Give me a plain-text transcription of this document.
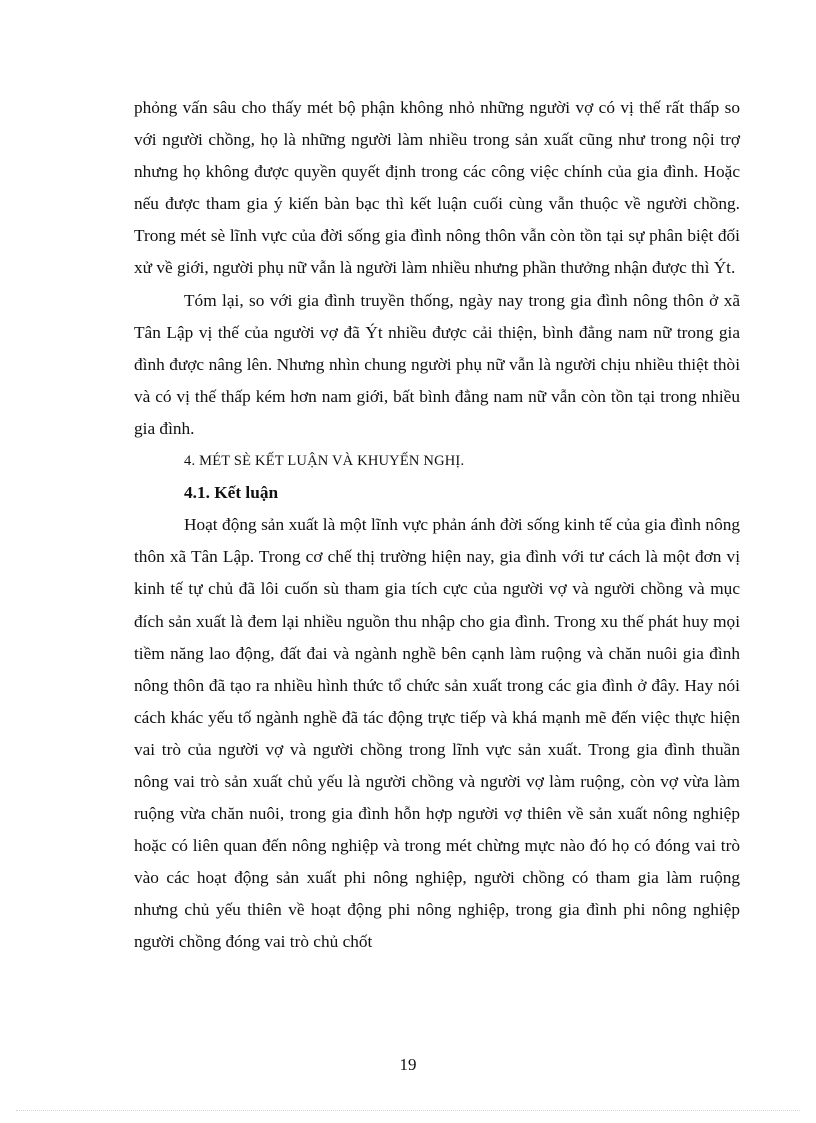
phỏng vấn sâu cho thấy mét bộ phận không nhỏ những người vợ có vị thế rất thấp so với người chồng, họ là những người làm nhiều trong sản xuất cũng như trong nội trợ nhưng họ không được quyền quyết định trong các công việc chính của gia đình. Hoặc nếu được tham gia ý kiến bàn bạc thì kết luận cuối cùng vẫn thuộc về người chồng. Trong mét sè lĩnh vực của đời sống gia đình nông thôn vẫn còn tồn tại sự phân biệt đối xử về giới, người phụ nữ vẫn là người làm nhiều nhưng phần thưởng nhận được thì Ýt.

Tóm lại, so với gia đình truyền thống, ngày nay trong gia đình nông thôn ở xã Tân Lập vị thế của người vợ đã Ýt nhiều được cải thiện, bình đẳng nam nữ trong gia đình được nâng lên. Nhưng nhìn chung người phụ nữ vẫn là người chịu nhiều thiệt thòi và có vị thế thấp kém hơn nam giới, bất bình đẳng nam nữ vẫn còn tồn tại trong nhiều gia đình.

4. MÉT SÈ KẾT LUẬN VÀ KHUYẾN NGHỊ.
4.1. Kết luận

Hoạt động sản xuất là một lĩnh vực phản ánh đời sống kinh tế của gia đình nông thôn xã Tân Lập. Trong cơ chế thị trường hiện nay, gia đình với tư cách là một đơn vị kinh tế tự chủ đã lôi cuốn sù tham gia tích cực của người vợ và người chồng và mục đích sản xuất là đem lại nhiều nguồn thu nhập cho gia đình. Trong xu thế phát huy mọi tiềm năng lao động, đất đai và ngành nghề bên cạnh làm ruộng và chăn nuôi gia đình nông thôn đã tạo ra nhiều hình thức tổ chức sản xuất trong các gia đình ở đây. Hay nói cách khác yếu tố ngành nghề đã tác động trực tiếp và khá mạnh mẽ đến việc thực hiện vai trò của người vợ và người chồng trong lĩnh vực sản xuất. Trong gia đình thuần nông vai trò sản xuất chủ yếu là người chồng và người vợ làm ruộng, còn vợ vừa làm ruộng vừa chăn nuôi, trong gia đình hỗn hợp người vợ thiên về sản xuất nông nghiệp hoặc có liên quan đến nông nghiệp và trong mét chừng mực nào đó họ có đóng vai trò vào các hoạt động sản xuất phi nông nghiệp, người chồng có tham gia làm ruộng nhưng chủ yếu thiên về hoạt động phi nông nghiệp, trong gia đình phi nông nghiệp người chồng đóng vai trò chủ chốt

19
